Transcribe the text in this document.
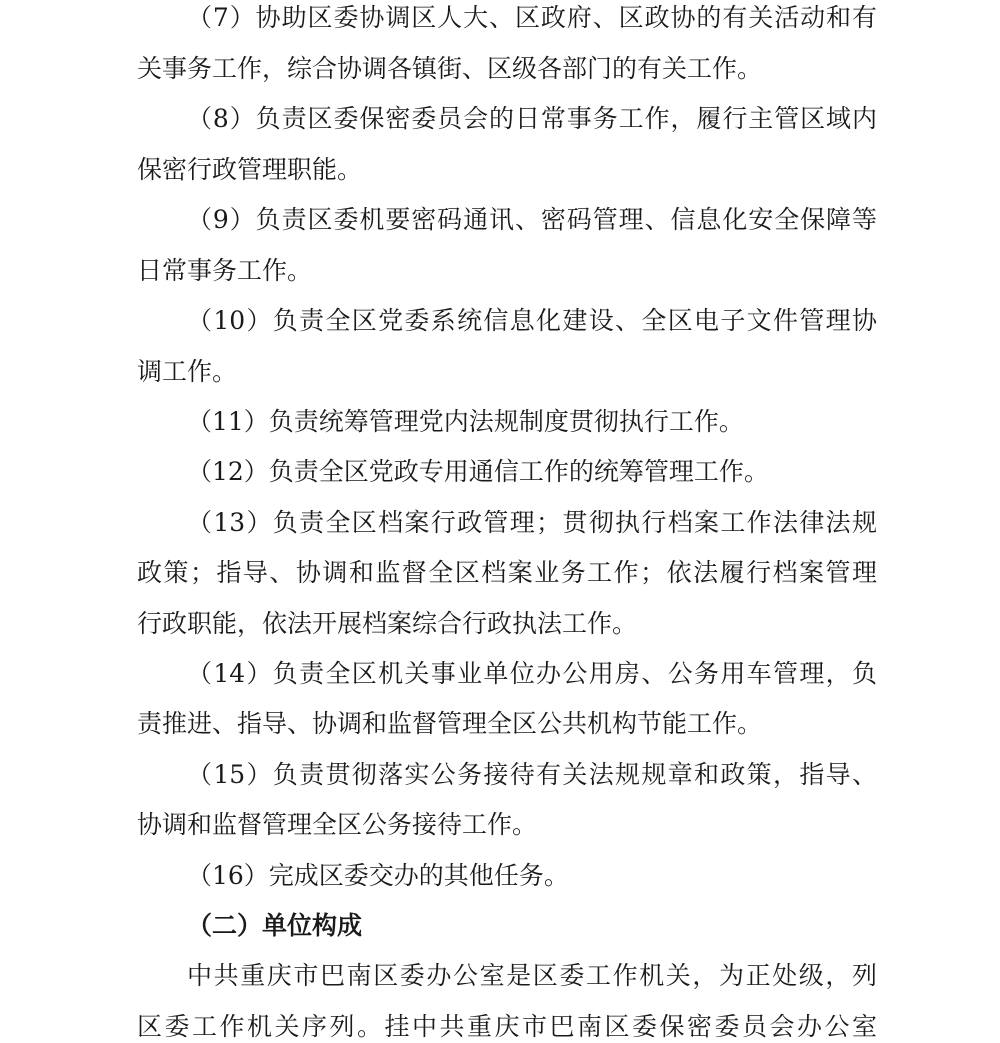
（7）协助区委协调区人大、区政府、区政协的有关活动和有
关事务工作，综合协调各镇街、区级各部门的有关工作。
（8）负责区委保密委员会的日常事务工作，履行主管区域内
保密行政管理职能。
（9）负责区委机要密码通讯、密码管理、信息化安全保障等
日常事务工作。
（10）负责全区党委系统信息化建设、全区电子文件管理协
调工作。
（11）负责统筹管理党内法规制度贯彻执行工作。
（12）负责全区党政专用通信工作的统筹管理工作。
（13）负责全区档案行政管理；贯彻执行档案工作法律法规
政策；指导、协调和监督全区档案业务工作；依法履行档案管理
行政职能，依法开展档案综合行政执法工作。
（14）负责全区机关事业单位办公用房、公务用车管理，负
责推进、指导、协调和监督管理全区公共机构节能工作。
（15）负责贯彻落实公务接待有关法规规章和政策，指导、
协调和监督管理全区公务接待工作。
（16）完成区委交办的其他任务。
（二）单位构成
中共重庆市巴南区委办公室是区委工作机关，为正处级，列
区委工作机关序列。挂中共重庆市巴南区委保密委员会办公室
